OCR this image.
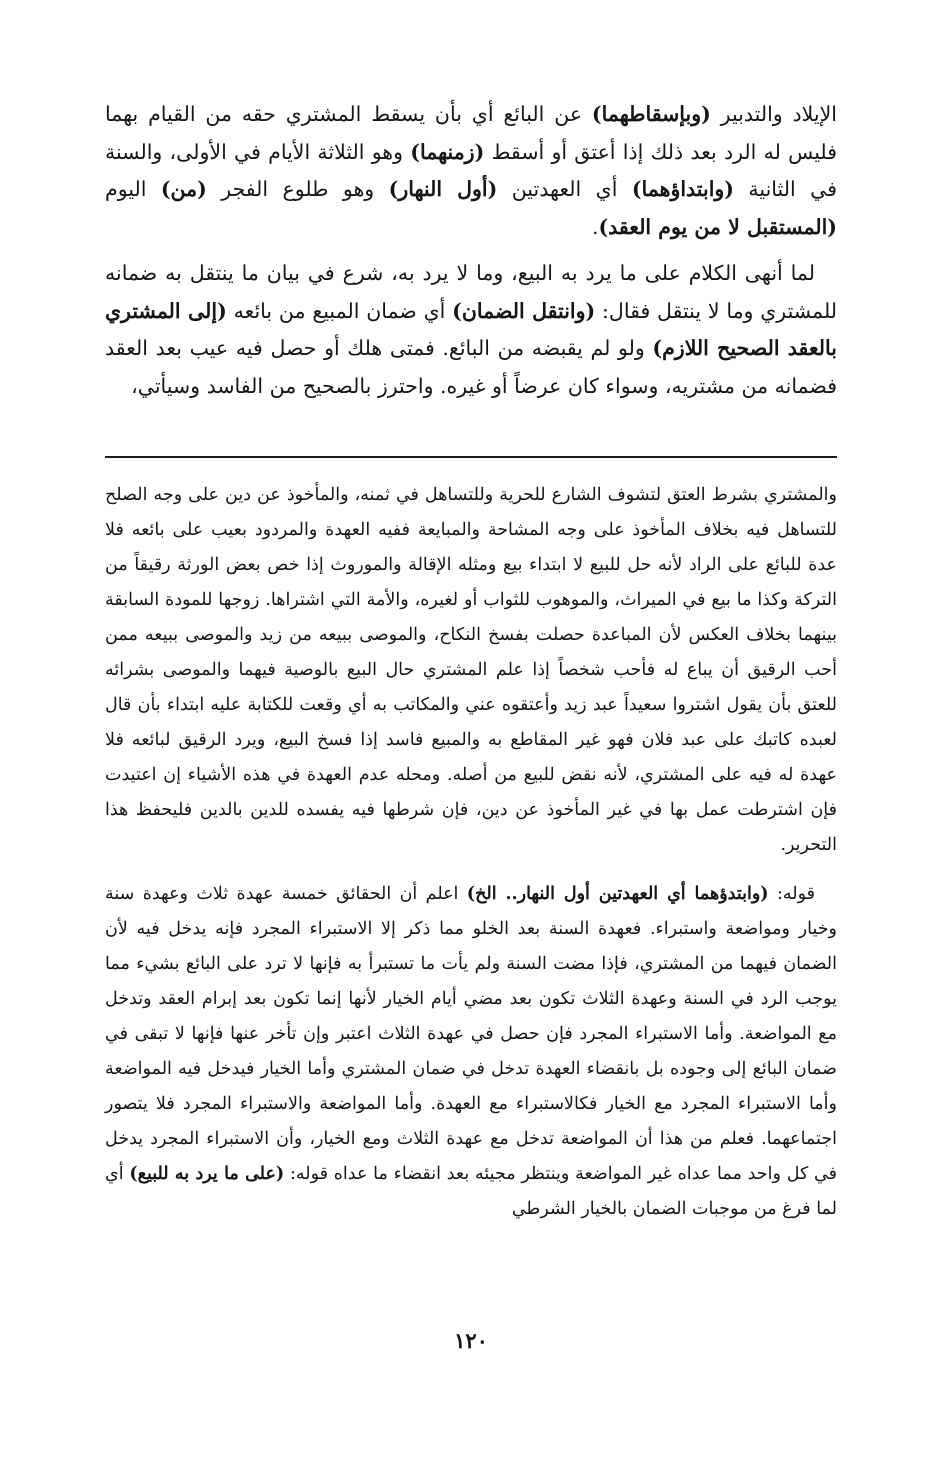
الإيلاد والتدبير (وبإسقاطهما) عن البائع أي بأن يسقط المشتري حقه من القيام بهما فليس له الرد بعد ذلك إذا أعتق أو أسقط (زمنهما) وهو الثلاثة الأيام في الأولى، والسنة في الثانية (وابتداؤهما) أي العهدتين (أول النهار) وهو طلوع الفجر (من) اليوم (المستقبل لا من يوم العقد).

لما أنهى الكلام على ما يرد به البيع، وما لا يرد به، شرع في بيان ما ينتقل به ضمانه للمشتري وما لا ينتقل فقال: (وانتقل الضمان) أي ضمان المبيع من بائعه (إلى المشتري بالعقد الصحيح اللازم) ولو لم يقبضه من البائع. فمتى هلك أو حصل فيه عيب بعد العقد فضمانه من مشتريه، وسواء كان عرضاً أو غيره. واحترز بالصحيح من الفاسد وسيأتي،

والمشتري بشرط العتق لتشوف الشارع للحرية وللتساهل في ثمنه، والمأخوذ عن دين على وجه الصلح للتساهل فيه بخلاف المأخوذ على وجه المشاحة والمبايعة ففيه العهدة والمردود بعيب على بائعه فلا عدة للبائع على الراد لأنه حل للبيع لا ابتداء بيع ومثله الإقالة والموروث إذا خص بعض الورثة رقيقاً من التركة وكذا ما بيع في الميراث، والموهوب للثواب أو لغيره، والأمة التي اشتراها. زوجها للمودة السابقة بينهما بخلاف العكس لأن المباعدة حصلت بفسخ النكاح، والموصى ببيعه من زيد والموصى ببيعه ممن أحب الرقيق أن يباع له فأحب شخصاً إذا علم المشتري حال البيع بالوصية فيهما والموصى بشرائه للعتق بأن يقول اشتروا سعيداً عبد زيد وأعتقوه عني والمكاتب به أي وقعت للكتابة عليه ابتداء بأن قال لعبده كاتبك على عبد فلان فهو غير المقاطع به والمبيع فاسد إذا فسخ البيع، ويرد الرقيق لبائعه فلا عهدة له فيه على المشتري، لأنه نقض للبيع من أصله. ومحله عدم العهدة في هذه الأشياء إن اعتيدت فإن اشترطت عمل بها في غير المأخوذ عن دين، فإن شرطها فيه يفسده للدين بالدين فليحفظ هذا التحرير.

قوله: (وابتدؤهما أي العهدتين أول النهار.. الخ) اعلم أن الحقائق خمسة عهدة ثلاث وعهدة سنة وخيار ومواضعة واستبراء. فعهدة السنة بعد الخلو مما ذكر إلا الاستبراء المجرد فإنه يدخل فيه لأن الضمان فيهما من المشتري، فإذا مضت السنة ولم يأت ما تستبرأ به فإنها لا ترد على البائع بشيء مما يوجب الرد في السنة وعهدة الثلاث تكون بعد مضي أيام الخيار لأنها إنما تكون بعد إبرام العقد وتدخل مع المواضعة. وأما الاستبراء المجرد فإن حصل في عهدة الثلاث اعتبر وإن تأخر عنها فإنها لا تبقى في ضمان البائع إلى وجوده بل بانقضاء العهدة تدخل في ضمان المشتري وأما الخيار فيدخل فيه المواضعة وأما الاستبراء المجرد مع الخيار فكالاستبراء مع العهدة. وأما المواضعة والاستبراء المجرد فلا يتصور اجتماعهما. فعلم من هذا أن المواضعة تدخل مع عهدة الثلاث ومع الخيار، وأن الاستبراء المجرد يدخل في كل واحد مما عداه غير المواضعة وينتظر مجيئه بعد انقضاء ما عداه قوله: (على ما يرد به للبيع) أي لما فرغ من موجبات الضمان بالخيار الشرطي

١٢٠
